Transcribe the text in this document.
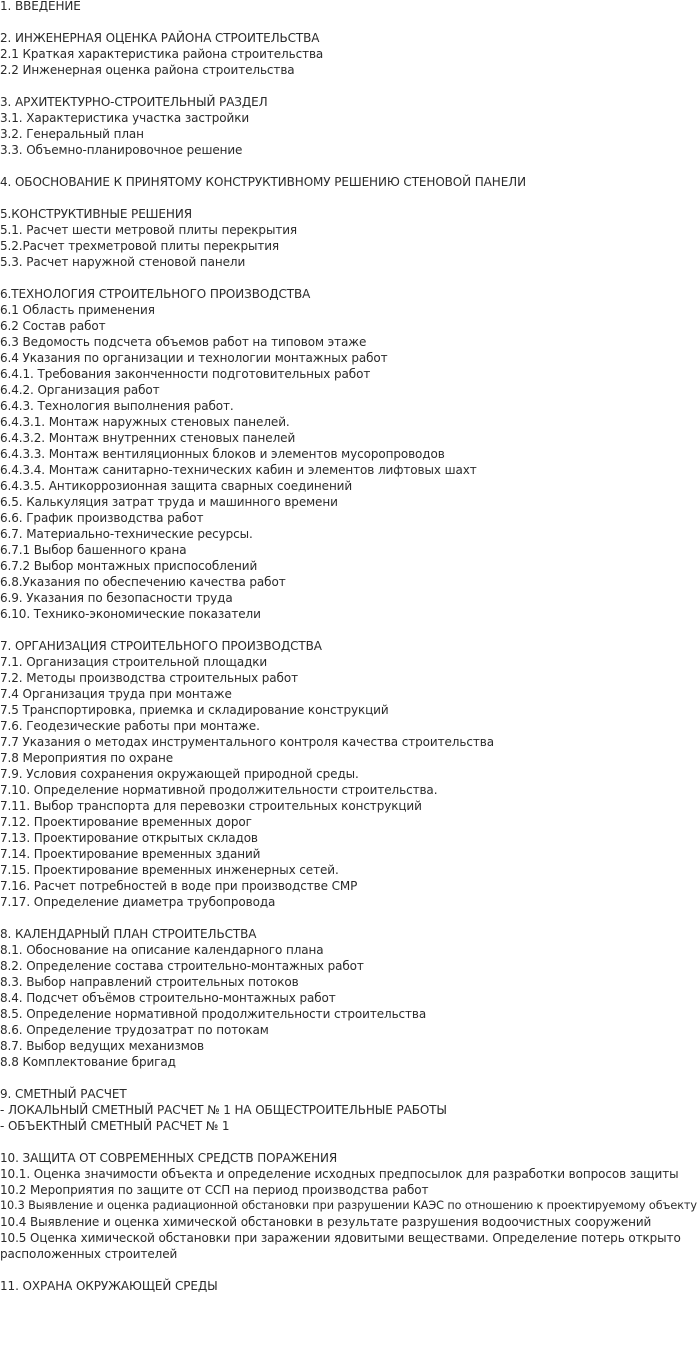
1. ВВЕДЕНИЕ
2. ИНЖЕНЕРНАЯ ОЦЕНКА РАЙОНА СТРОИТЕЛЬСТВА
2.1 Краткая характеристика района строительства
2.2 Инженерная оценка района строительства
3. АРХИТЕКТУРНО-СТРОИТЕЛЬНЫЙ РАЗДЕЛ
3.1. Характеристика участка застройки
3.2. Генеральный план
3.3. Объемно-планировочное решение
4. ОБОСНОВАНИЕ К ПРИНЯТОМУ КОНСТРУКТИВНОМУ РЕШЕНИЮ СТЕНОВОЙ ПАНЕЛИ
5.КОНСТРУКТИВНЫЕ РЕШЕНИЯ
5.1. Расчет шести метровой плиты перекрытия
5.2.Расчет трехметровой плиты перекрытия
5.3. Расчет наружной стеновой панели
6.ТЕХНОЛОГИЯ СТРОИТЕЛЬНОГО ПРОИЗВОДСТВА
6.1 Область применения
6.2 Состав работ
6.3 Ведомость подсчета объемов работ на типовом этаже
6.4 Указания по организации и технологии монтажных работ
6.4.1. Требования законченности подготовительных работ
6.4.2. Организация работ
6.4.3. Технология выполнения работ.
6.4.3.1. Монтаж наружных стеновых панелей.
6.4.3.2. Монтаж внутренних стеновых панелей
6.4.3.3. Монтаж вентиляционных блоков и элементов мусоропроводов
6.4.3.4. Монтаж санитарно-технических кабин и элементов лифтовых шахт
6.4.3.5. Антикоррозионная защита сварных соединений
6.5. Калькуляция затрат труда и машинного времени
6.6. График производства работ
6.7. Материально-технические ресурсы.
6.7.1 Выбор башенного крана
6.7.2 Выбор монтажных приспособлений
6.8.Указания по обеспечению качества работ
6.9. Указания по безопасности труда
6.10. Технико-экономические показатели
7. ОРГАНИЗАЦИЯ СТРОИТЕЛЬНОГО ПРОИЗВОДСТВА
7.1. Организация строительной площадки
7.2. Методы производства строительных работ
7.4 Организация труда при монтаже
7.5 Транспортировка, приемка и складирование конструкций
7.6. Геодезические работы при монтаже.
7.7 Указания о методах инструментального контроля качества строительства
7.8 Мероприятия по охране
7.9. Условия сохранения окружающей природной среды.
7.10. Определение нормативной продолжительности строительства.
7.11. Выбор транспорта для перевозки строительных конструкций
7.12. Проектирование временных дорог
7.13. Проектирование открытых складов
7.14. Проектирование временных зданий
7.15. Проектирование временных инженерных сетей.
7.16. Расчет потребностей в воде при производстве СМР
7.17. Определение диаметра трубопровода
8. КАЛЕНДАРНЫЙ ПЛАН СТРОИТЕЛЬСТВА
8.1. Обоснование на описание календарного плана
8.2. Определение состава строительно-монтажных работ
8.3. Выбор направлений строительных потоков
8.4. Подсчет объёмов строительно-монтажных работ
8.5. Определение нормативной продолжительности строительства
8.6. Определение трудозатрат по потокам
8.7. Выбор ведущих механизмов
8.8 Комплектование бригад
9. СМЕТНЫЙ РАСЧЕТ
- ЛОКАЛЬНЫЙ СМЕТНЫЙ РАСЧЕТ № 1 НА ОБЩЕСТРОИТЕЛЬНЫЕ РАБОТЫ
- ОБЪЕКТНЫЙ СМЕТНЫЙ РАСЧЕТ № 1
10. ЗАЩИТА ОТ СОВРЕМЕННЫХ СРЕДСТВ ПОРАЖЕНИЯ
10.1. Оценка значимости объекта и определение исходных предпосылок для разработки вопросов защиты
10.2 Мероприятия по защите от ССП на период производства работ
10.3 Выявление и оценка радиационной обстановки при разрушении КАЭС по отношению к проектируемому объекту
10.4 Выявление и оценка химической обстановки в результате разрушения водоочистных сооружений
10.5 Оценка химической обстановки при заражении ядовитыми веществами. Определение потерь открыто расположенных строителей
11. ОХРАНА ОКРУЖАЮЩЕЙ СРЕДЫ
